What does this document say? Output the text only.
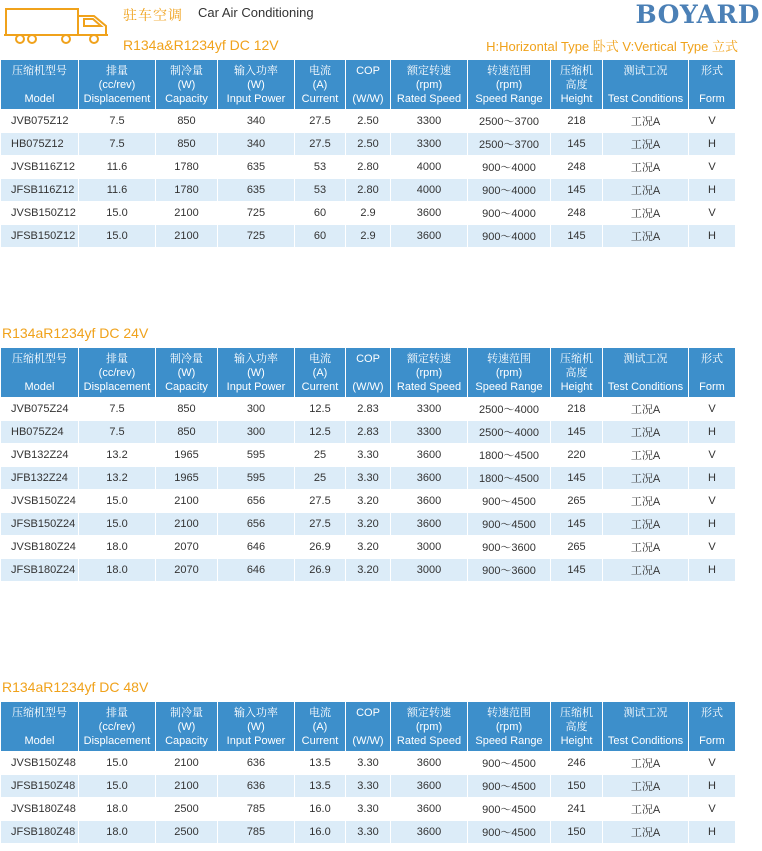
驻车空调 Car Air Conditioning	BOYARD
H:Horizontal Type 卧式 V:Vertical Type 立式
R134a&R1234yf DC 12V
压缩机型号

Model	排量
(cc/rev)
Displacement	制冷量
(W)
Capacity	输入功率
(W)
Input Power	电流
(A)
Current	COP

(W/W)	额定转速
(rpm)
Rated Speed	转速范围
(rpm)
Speed Range	压缩机
高度
Height	测试工况

Test Conditions	形式

Form

JVB075Z12	7.5	850	340	27.5	2.50	3300	2500～3700	218	工况A	V
HB075Z12	7.5	850	340	27.5	2.50	3300	2500～3700	145	工况A	H
JVSB116Z12	11.6	1780	635	53	2.80	4000	900～4000	248	工况A	V
JFSB116Z12	11.6	1780	635	53	2.80	4000	900～4000	145	工况A	H
JVSB150Z12	15.0	2100	725	60	2.9	3600	900～4000	248	工况A	V
JFSB150Z12	15.0	2100	725	60	2.9	3600	900～4000	145	工况A	H
R134aR1234yf DC 24V
压缩机型号

Model	排量
(cc/rev)
Displacement	制冷量
(W)
Capacity	输入功率
(W)
Input Power	电流
(A)
Current	COP

(W/W)	额定转速
(rpm)
Rated Speed	转速范围
(rpm)
Speed Range	压缩机
高度
Height	测试工况

Test Conditions	形式

Form

JVB075Z24	7.5	850	300	12.5	2.83	3300	2500～4000	218	工况A	V
HB075Z24	7.5	850	300	12.5	2.83	3300	2500～4000	145	工况A	H
JVB132Z24	13.2	1965	595	25	3.30	3600	1800～4500	220	工况A	V
JFB132Z24	13.2	1965	595	25	3.30	3600	1800～4500	145	工况A	H
JVSB150Z24	15.0	2100	656	27.5	3.20	3600	900～4500	265	工况A	V
JFSB150Z24	15.0	2100	656	27.5	3.20	3600	900～4500	145	工况A	H
JVSB180Z24	18.0	2070	646	26.9	3.20	3000	900～3600	265	工况A	V
JFSB180Z24	18.0	2070	646	26.9	3.20	3000	900～3600	145	工况A	H
R134aR1234yf DC 48V
压缩机型号

Model	排量
(cc/rev)
Displacement	制冷量
(W)
Capacity	输入功率
(W)
Input Power	电流
(A)
Current	COP

(W/W)	额定转速
(rpm)
Rated Speed	转速范围
(rpm)
Speed Range	压缩机
高度
Height	测试工况

Test Conditions	形式

Form

JVSB150Z48	15.0	2100	636	13.5	3.30	3600	900～4500	246	工况A	V
JFSB150Z48	15.0	2100	636	13.5	3.30	3600	900～4500	150	工况A	H
JVSB180Z48	18.0	2500	785	16.0	3.30	3600	900～4500	241	工况A	V
JFSB180Z48	18.0	2500	785	16.0	3.30	3600	900～4500	150	工况A	H
